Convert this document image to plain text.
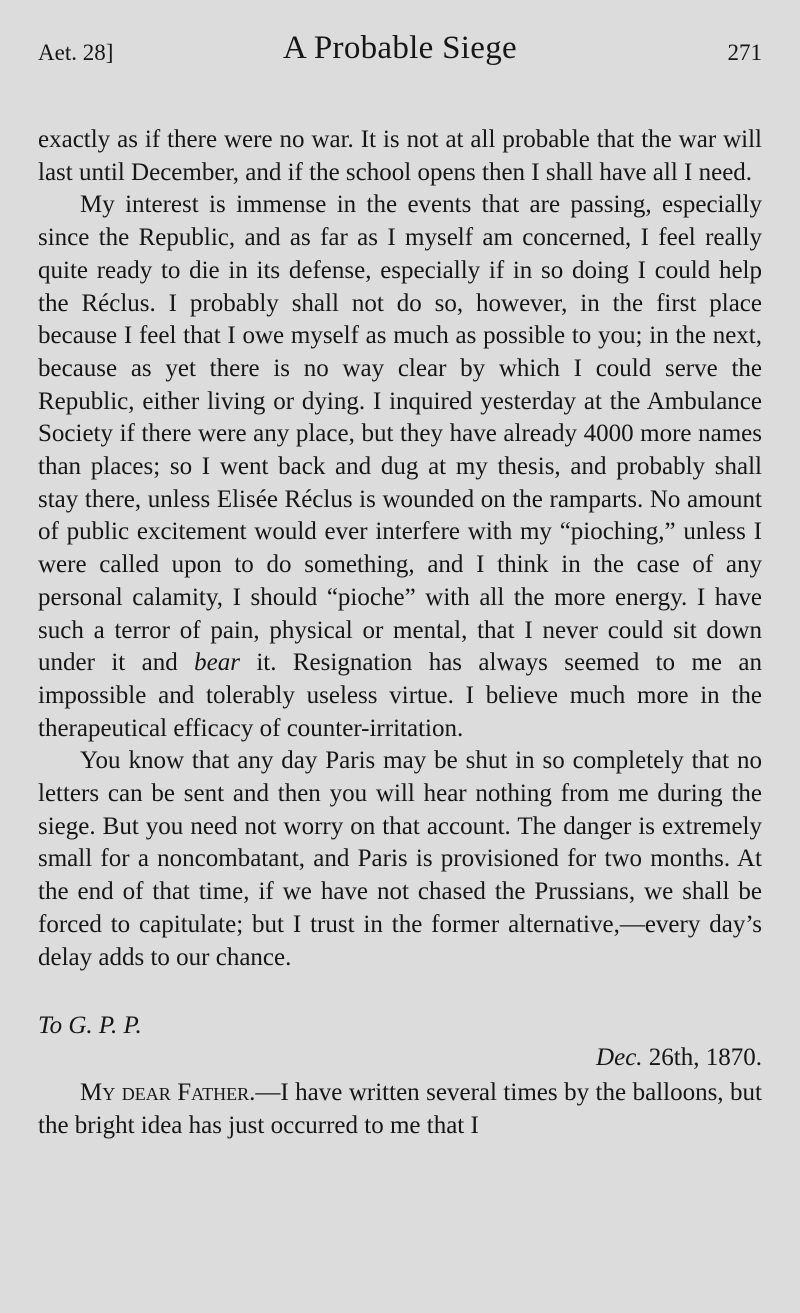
Aet. 28]	A Probable Siege	271

exactly as if there were no war. It is not at all probable that the war will last until December, and if the school opens then I shall have all I need.

My interest is immense in the events that are passing, especially since the Republic, and as far as I myself am concerned, I feel really quite ready to die in its defense, especially if in so doing I could help the Réclus. I probably shall not do so, however, in the first place because I feel that I owe myself as much as possible to you; in the next, because as yet there is no way clear by which I could serve the Republic, either living or dying. I inquired yesterday at the Ambulance Society if there were any place, but they have already 4000 more names than places; so I went back and dug at my thesis, and probably shall stay there, unless Elisée Réclus is wounded on the ramparts. No amount of public excitement would ever interfere with my “pioching,” unless I were called upon to do something, and I think in the case of any personal calamity, I should “pioche” with all the more energy. I have such a terror of pain, physical or mental, that I never could sit down under it and bear it. Resignation has always seemed to me an impossible and tolerably useless virtue. I believe much more in the therapeutical efficacy of counter-irritation.

You know that any day Paris may be shut in so completely that no letters can be sent and then you will hear nothing from me during the siege. But you need not worry on that account. The danger is extremely small for a noncombatant, and Paris is provisioned for two months. At the end of that time, if we have not chased the Prussians, we shall be forced to capitulate; but I trust in the former alternative,—every day’s delay adds to our chance.

To G. P. P.

Dec. 26th, 1870.

My dear Father.—I have written several times by the balloons, but the bright idea has just occurred to me that I
